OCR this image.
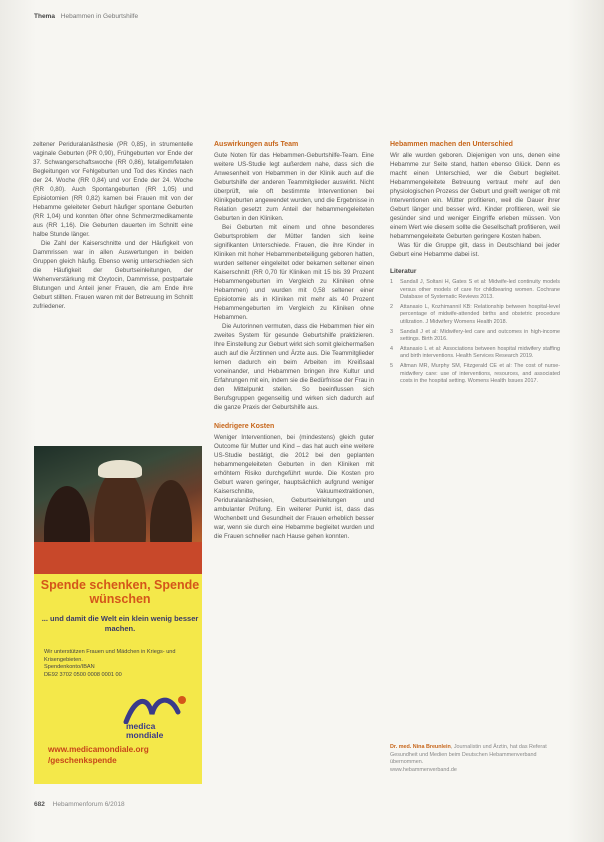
Thema Hebammen in Geburtshilfe

zeltener Periduralanästhesie (PR 0,85), in strumentelle vaginale Geburten (PR 0,90), Frühgeburten vor Ende der 37. Schwangerschaftswoche (RR 0,86), fetaligem/fetalen Begleitungen vor Fehlgeburten und Tod des Kindes nach der 24. Woche (RR 0,84) und vor Ende der 24. Woche (RR 0,80). Auch Spontangeburten (RR 1,05) und Episiotomien (RR 0,82) kamen bei Frauen mit von der Hebamme geleiteter Geburt häufiger spontane Geburten (RR 1,04) und konnten öfter ohne Schmerzmedikamente aus (RR 1,16). Die Geburten dauerten im Schnitt eine halbe Stunde länger.

Die Zahl der Kaiserschnitte und der Häufigkeit von Dammrissen war in allen Auswertungen in beiden Gruppen gleich häufig. Ebenso wenig unterschieden sich die Häufigkeit der Geburtseinleitungen, der Wehenverstärkung mit Oxytocin, Dammrisse, postpartale Blutungen und Anteil jener Frauen, die am Ende ihre Geburt stillten. Frauen waren mit der Betreuung im Schnitt zufriedener.

Spende schenken, Spende wünschen
... und damit die Welt ein klein wenig besser machen.
Wir unterstützen Frauen und Mädchen in Kriegs- und Krisengebieten.
Spendenkonto/IBAN
DE92 3702 0500 0008 0001 00
medica mondiale
www.medicamondiale.org /geschenkspende
Auswirkungen aufs Team

Gute Noten für das Hebammen-Geburtshilfe-Team. Eine weitere US-Studie legt außerdem nahe, dass sich die Anwesenheit von Hebammen in der Klinik auch auf die Geburtshilfe der anderen Teammitglieder auswirkt. Nicht überprüft, wie oft bestimmte Interventionen bei Klinikgeburten angewendet wurden, und die Ergebnisse in Relation gesetzt zum Anteil der hebammengeleiteten Geburten in den Kliniken.

Bei Geburten mit einem und ohne besonderes Geburtsproblem der Mütter fanden sich keine signifikanten Unterschiede. Frauen, die ihre Kinder in Kliniken mit hoher Hebammenbeteiligung geboren hatten, wurden seltener eingeleitet oder bekamen seltener einen Kaiserschnitt (RR 0,70 für Kliniken mit 15 bis 39 Prozent Hebammengeburten im Vergleich zu Kliniken ohne Hebammen) und wurden mit 0,58 seltener einer Episiotomie als in Kliniken mit mehr als 40 Prozent Hebammengeburten im Vergleich zu Kliniken ohne Hebammen.

Die Autorinnen vermuten, dass die Hebammen hier ein zweites System für gesunde Geburtshilfe praktizieren. Ihre Einstellung zur Geburt wirkt sich somit gleichermaßen auch auf die Ärztinnen und Ärzte aus. Die Teammitglieder lernen dadurch ein beim Arbeiten im Kreißsaal voneinander, und Hebammen bringen ihre Kultur und Erfahrungen mit ein, indem sie die Bedürfnisse der Frau in den Mittelpunkt stellen. So beeinflussen sich Berufsgruppen gegenseitig und wirken sich dadurch auf die ganze Praxis der Geburtshilfe aus.

Niedrigere Kosten

Weniger Interventionen, bei (mindestens) gleich guter Outcome für Mutter und Kind – das hat auch eine weitere US-Studie bestätigt, die 2012 bei den geplanten hebammengeleiteten Geburten in den Kliniken mit erhöhtem Risiko durchgeführt wurde. Die Kosten pro Geburt waren geringer, hauptsächlich aufgrund weniger Kaiserschnitte, Vakuumextraktionen, Periduralanästhesien, Geburtseinleitungen und ambulanter Prüfung. Ein weiterer Punkt ist, dass das Wochenbett und Gesundheit der Frauen erheblich besser war, wenn sie durch eine Hebamme begleitet wurden und die Frauen schneller nach Hause gehen konnten.

Hebammen machen den Unterschied

Wir alle wurden geboren. Diejenigen von uns, denen eine Hebamme zur Seite stand, hatten ebenso Glück. Denn es macht einen Unterschied, wer die Geburt begleitet. Hebammengeleitete Betreuung vertraut mehr auf den physiologischen Prozess der Geburt und greift weniger oft mit Interventionen ein. Mütter profitieren, weil die Dauer ihrer Geburt länger und besser wird. Kinder profitieren, weil sie gesünder sind und weniger Eingriffe erleben müssen. Von einem Wert wie diesem sollte die Gesellschaft profitieren, weil hebammengeleitete Geburten geringere Kosten haben.

Was für die Gruppe gilt, dass in Deutschland bei jeder Geburt eine Hebamme dabei ist.

Literatur
1	Sandall J, Soltani H, Gates S et al: Midwife-led continuity models versus other models of care for childbearing women. Cochrane Database of Systematic Reviews 2013.
2	Attanasio L, Kozhimannil KB: Relationship between hospital-level percentage of midwife-attended births and obstetric procedure utilization. J Midwifery Womens Health 2018.
3	Sandall J et al: Midwifery-led care and outcomes in high-income settings. Birth 2016.
4	Attanasio L et al: Associations between hospital midwifery staffing and birth interventions. Health Services Research 2019.
5	Altman MR, Murphy SM, Fitzgerald CE et al: The cost of nurse-midwifery care: use of interventions, resources, and associated costs in the hospital setting. Womens Health Issues 2017.
Dr. med. Nina Breunlein, Journalistin und Ärztin, hat das Referat Gesundheit und Medien beim Deutschen Hebammenverband übernommen.
www.hebammenverband.de
682 Hebammenforum 6/2018
